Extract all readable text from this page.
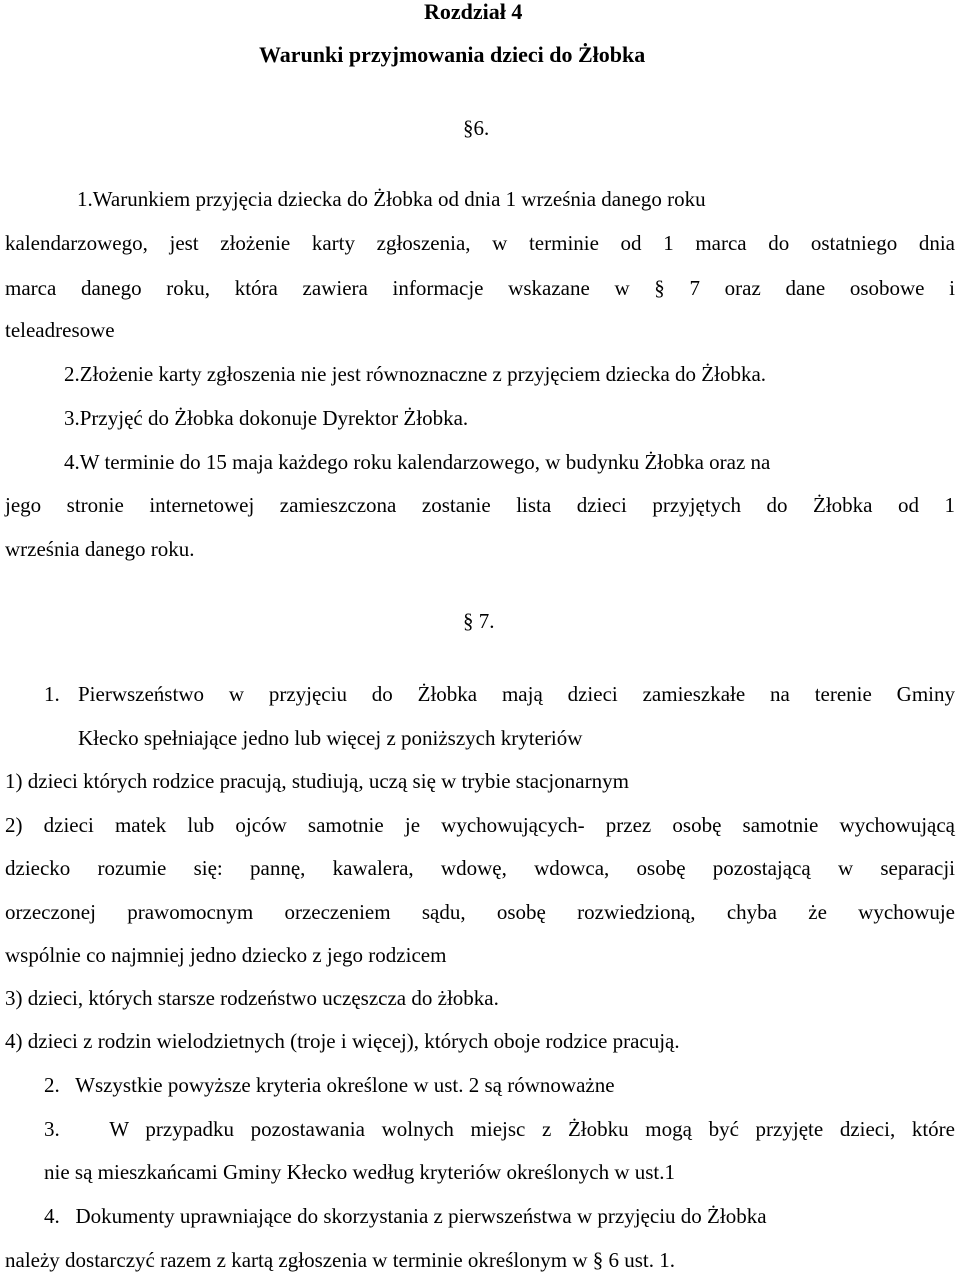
Rozdział 4
Warunki przyjmowania dzieci do Żłobka
§6.
1.Warunkiem przyjęcia dziecka do Żłobka od dnia 1 września danego roku
kalendarzowego, jest złożenie karty zgłoszenia, w terminie od 1 marca do ostatniego dnia
marca danego roku, która zawiera informacje wskazane w § 7 oraz dane osobowe i
teleadresowe
2.Złożenie karty zgłoszenia nie jest równoznaczne z przyjęciem dziecka do Żłobka.
3.Przyjęć do Żłobka dokonuje Dyrektor Żłobka.
4.W terminie do 15 maja każdego roku kalendarzowego, w budynku Żłobka oraz na
jego stronie internetowej zamieszczona zostanie lista dzieci przyjętych do Żłobka od 1
września danego roku.
§ 7.
1. Pierwszeństwo w przyjęciu do Żłobka mają dzieci zamieszkałe na terenie Gminy
Kłecko spełniające jedno lub więcej z poniższych kryteriów
1) dzieci których rodzice pracują, studiują, uczą się w trybie stacjonarnym
2) dzieci matek lub ojców samotnie je wychowujących- przez osobę samotnie wychowującą
dziecko rozumie się: pannę, kawalera, wdowę, wdowca, osobę pozostającą w separacji
orzeczonej prawomocnym orzeczeniem sądu, osobę rozwiedzioną, chyba że wychowuje
wspólnie co najmniej jedno dziecko z jego rodzicem
3) dzieci, których starsze rodzeństwo uczęszcza do żłobka.
4) dzieci z rodzin wielodzietnych (troje i więcej), których oboje rodzice pracują.
2.   Wszystkie powyższe kryteria określone w ust. 2 są równoważne
3.   W przypadku pozostawania wolnych miejsc z Żłobku mogą być przyjęte dzieci, które
nie są mieszkańcami Gminy Kłecko według kryteriów określonych w ust.1
4.   Dokumenty uprawniające do skorzystania z pierwszeństwa w przyjęciu do Żłobka
należy dostarczyć razem z kartą zgłoszenia w terminie określonym w § 6 ust. 1.
